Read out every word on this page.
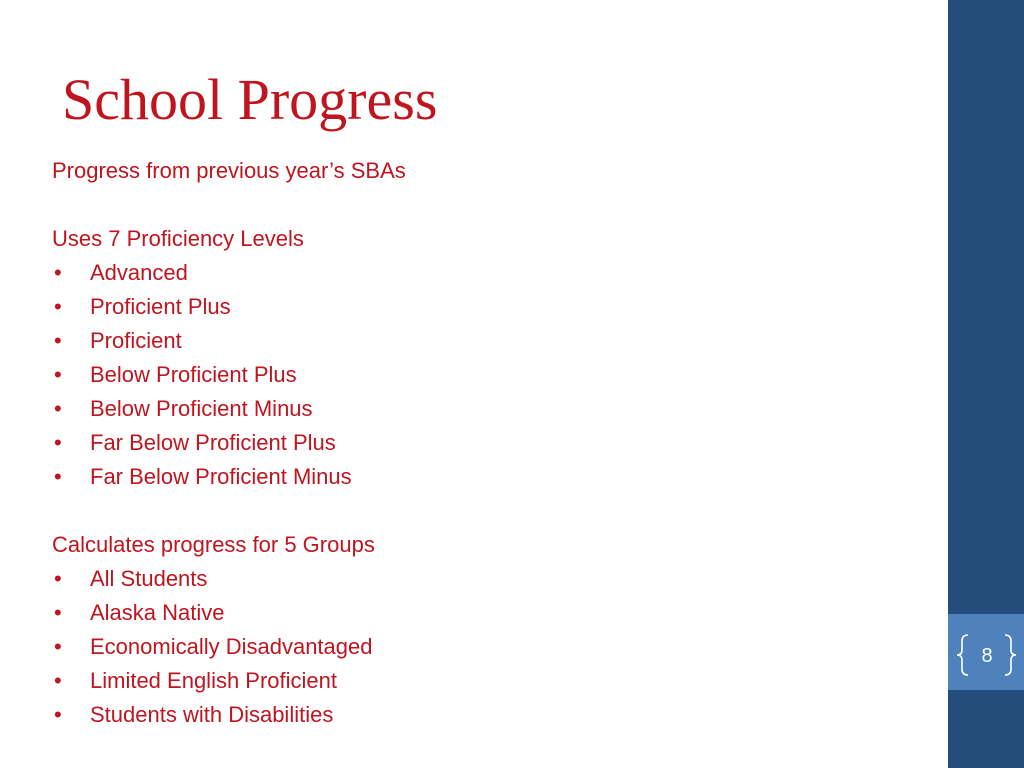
School Progress
Progress from previous year’s SBAs
Uses 7 Proficiency Levels
• Advanced
• Proficient Plus
• Proficient
• Below Proficient Plus
• Below Proficient Minus
• Far Below Proficient Plus
• Far Below Proficient Minus
Calculates progress for 5 Groups
• All Students
• Alaska Native
• Economically Disadvantaged
• Limited English Proficient
• Students with Disabilities
8
